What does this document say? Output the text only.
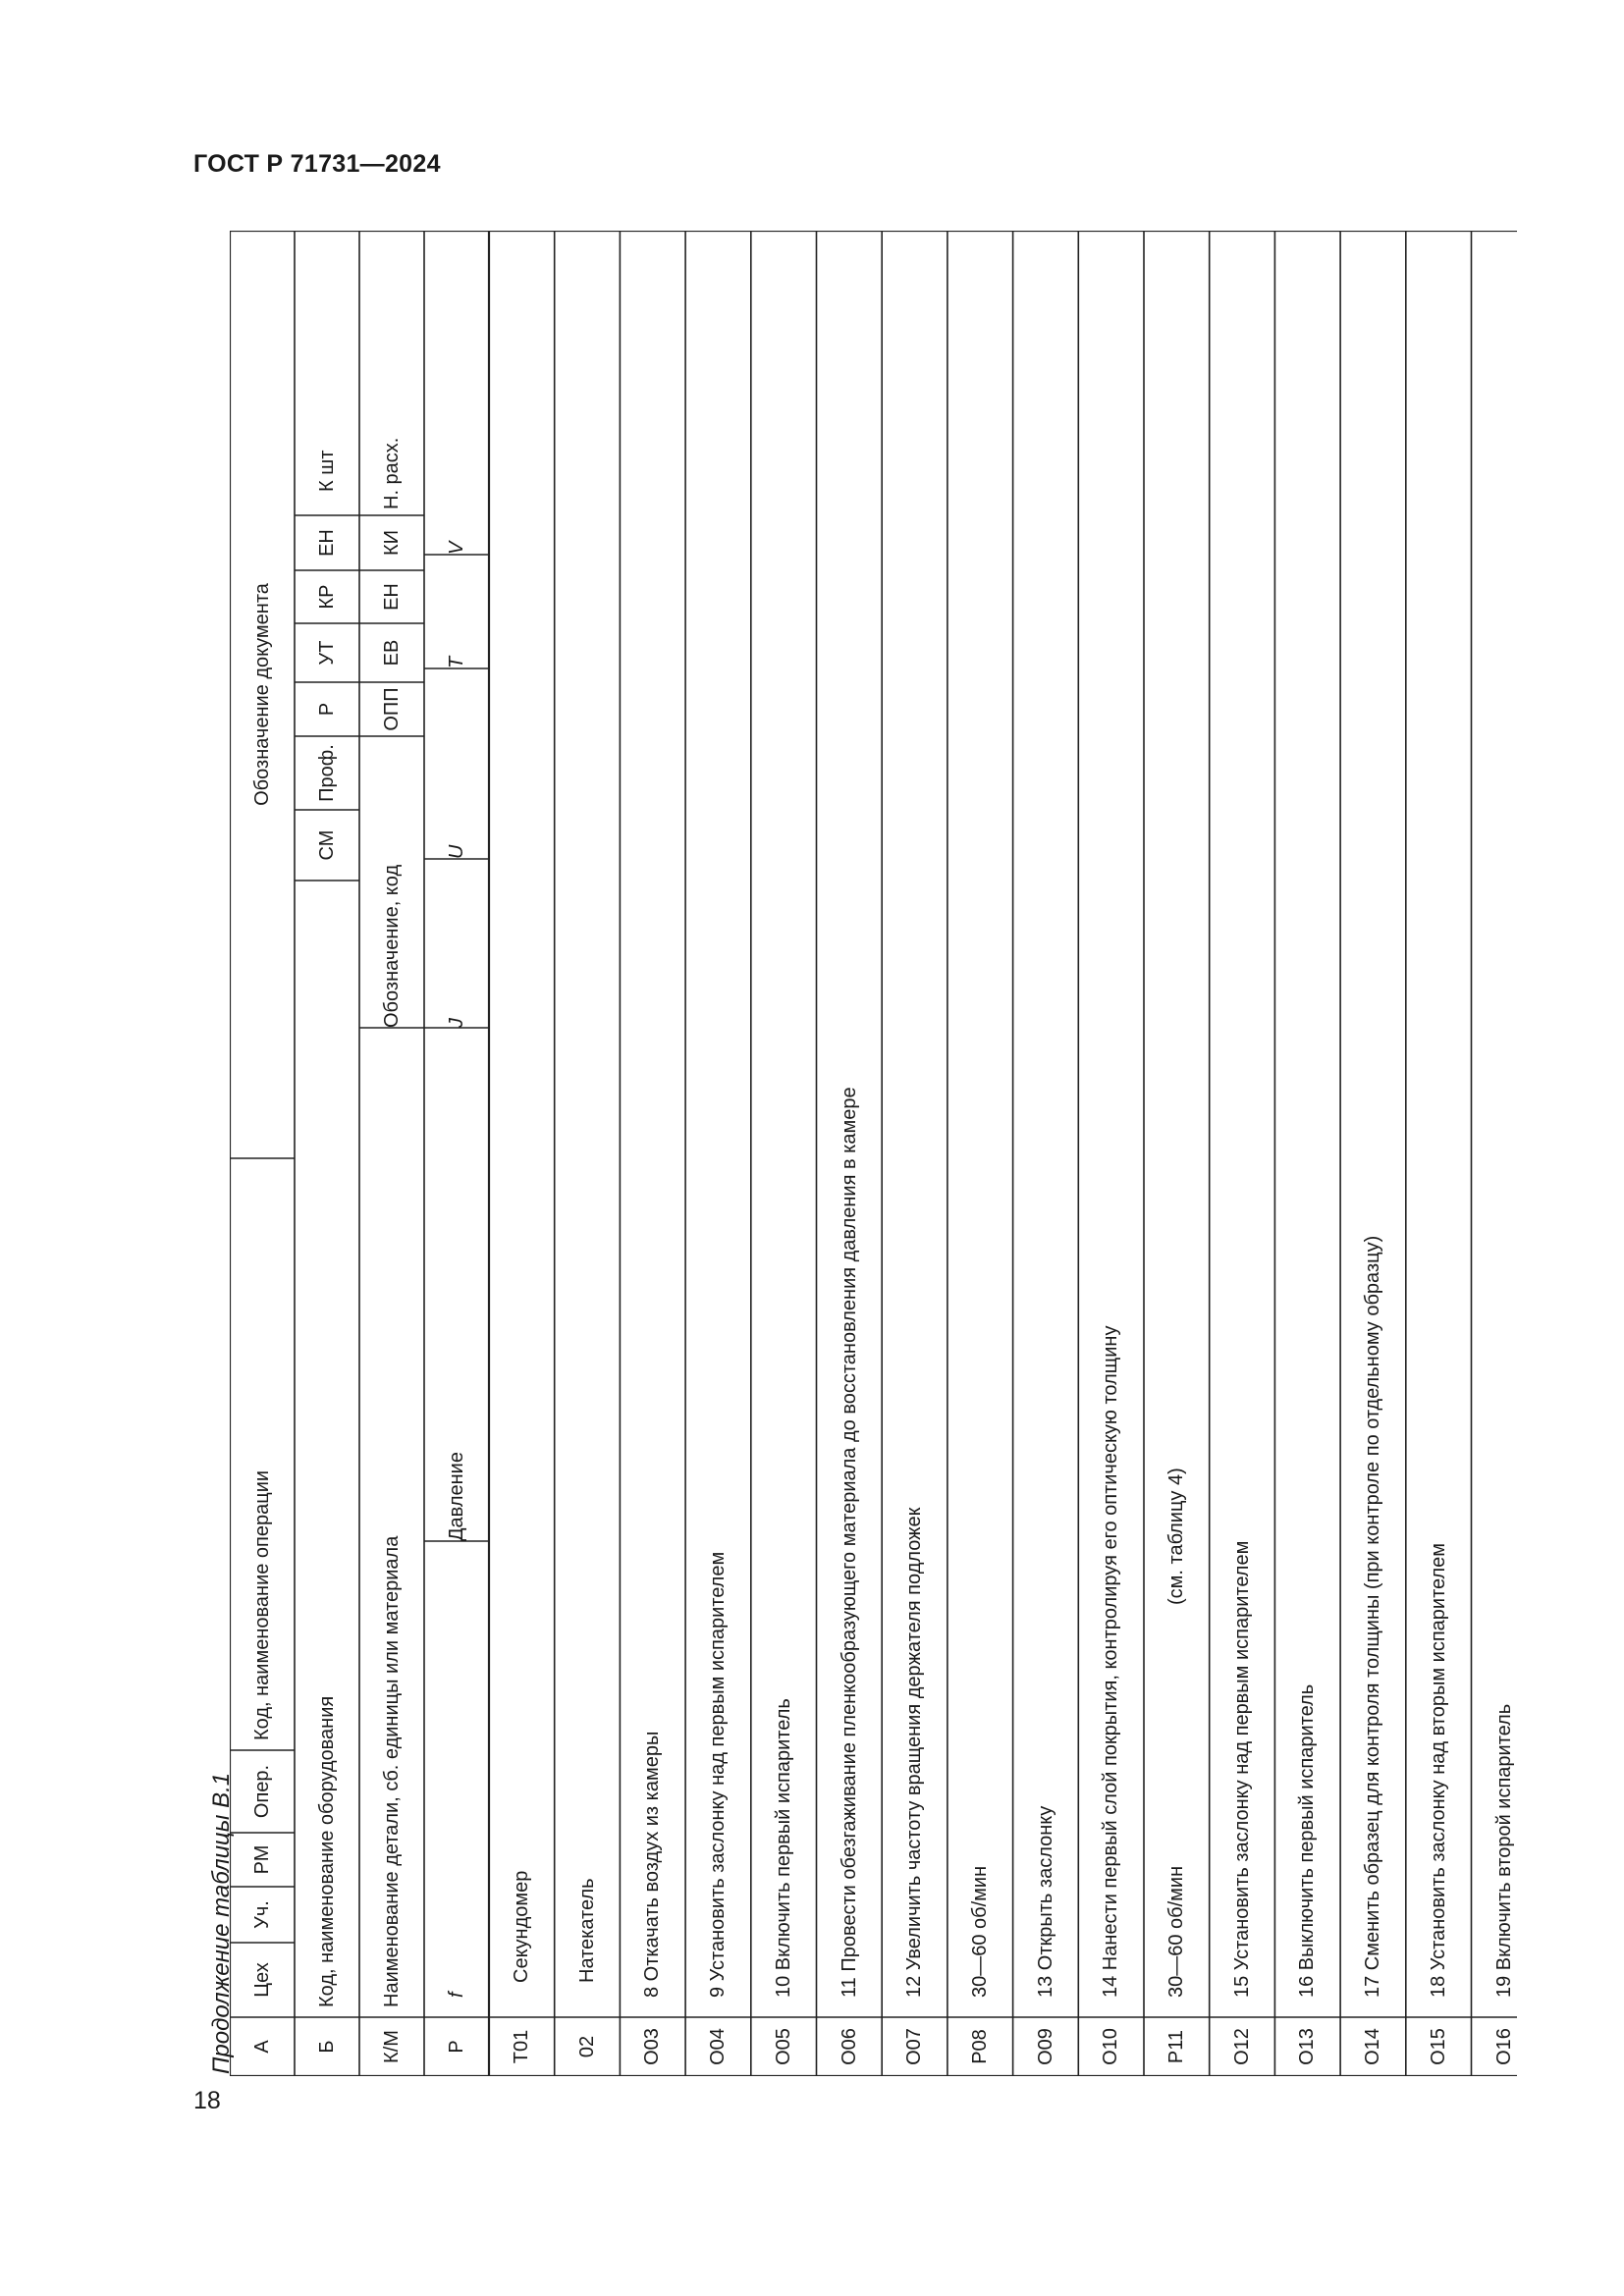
ГОСТ Р 71731—2024
18
Продолжение таблицы В.1 А
Цех
Уч.
РМ
Опер.
Код, наименование операции
Обозначение документа
Б
Код, наименование оборудования
СМ
Проф.
Р
УТ
КР
ЕН
К шт
К/М
Наименование детали, сб. единицы или материала
Обозначение, код
ОПП
ЕВ
ЕН
КИ
Н. расх.
Р
f
Давление
J
U
T
V
Т01
Секундомер
02
Натекатель
О03
8 Откачать воздух из камеры
О04
9 Установить заслонку над первым испарителем
О05
10 Включить первый испаритель
О06
11 Провести обезгаживание пленкообразующего материала до восстановления давления в камере
О07
12 Увеличить частоту вращения держателя подложек
Р08
30—60 об/мин
О09
13 Открыть заслонку
О10
14 Нанести первый слой покрытия, контролируя его оптическую толщину
Р11
30—60 об/мин
(см. таблицу 4)
О12
15 Установить заслонку над первым испарителем
О13
16 Выключить первый испаритель
О14
17 Сменить образец для контроля толщины (при контроле по отдельному образцу)
О15
18 Установить заслонку над вторым испарителем
О16
19 Включить второй испаритель
